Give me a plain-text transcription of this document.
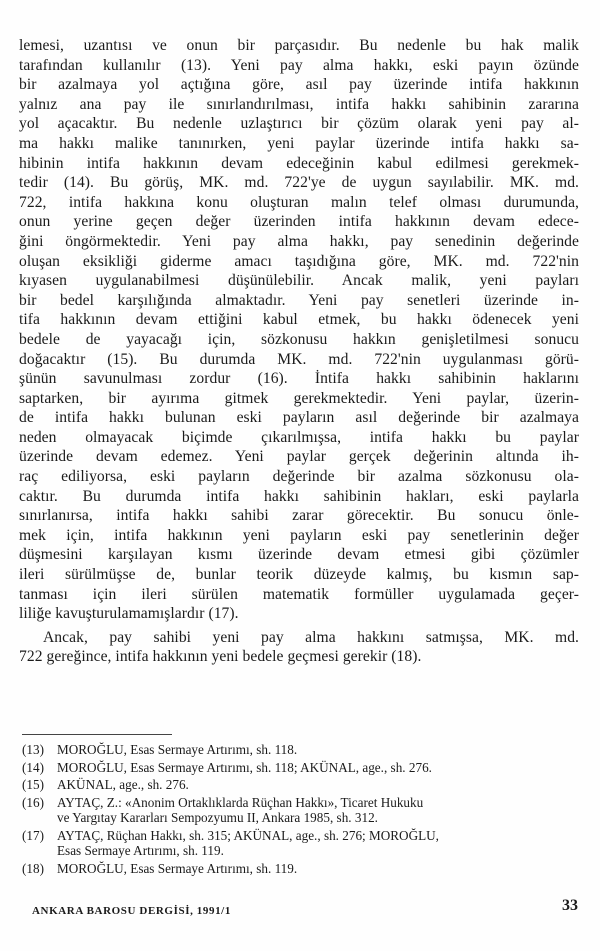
lemesi, uzantısı ve onun bir parçasıdır. Bu nedenle bu hak malik
tarafından kullanılır (13). Yeni pay alma hakkı, eski payın özünde
bir azalmaya yol açtığına göre, asıl pay üzerinde intifa hakkının
yalnız ana pay ile sınırlandırılması, intifa hakkı sahibinin zararına
yol açacaktır. Bu nedenle uzlaştırıcı bir çözüm olarak yeni pay al-
ma hakkı malike tanınırken, yeni paylar üzerinde intifa hakkı sa-
hibinin intifa hakkının devam edeceğinin kabul edilmesi gerekmek-
tedir (14). Bu görüş, MK. md. 722'ye de uygun sayılabilir. MK. md.
722, intifa hakkına konu oluşturan malın telef olması durumunda,
onun yerine geçen değer üzerinden intifa hakkının devam edece-
ğini öngörmektedir. Yeni pay alma hakkı, pay senedinin değerinde
oluşan eksikliği giderme amacı taşıdığına göre, MK. md. 722'nin
kıyasen uygulanabilmesi düşünülebilir. Ancak malik, yeni payları
bir bedel karşılığında almaktadır. Yeni pay senetleri üzerinde in-
tifa hakkının devam ettiğini kabul etmek, bu hakkı ödenecek yeni
bedele de yayacağı için, sözkonusu hakkın genişletilmesi sonucu
doğacaktır (15). Bu durumda MK. md. 722'nin uygulanması görü-
şünün savunulması zordur (16). İntifa hakkı sahibinin haklarını
saptarken, bir ayırıma gitmek gerekmektedir. Yeni paylar, üzerin-
de intifa hakkı bulunan eski payların asıl değerinde bir azalmaya
neden olmayacak biçimde çıkarılmışsa, intifa hakkı bu paylar
üzerinde devam edemez. Yeni paylar gerçek değerinin altında ih-
raç ediliyorsa, eski payların değerinde bir azalma sözkonusu ola-
caktır. Bu durumda intifa hakkı sahibinin hakları, eski paylarla
sınırlanırsa, intifa hakkı sahibi zarar görecektir. Bu sonucu önle-
mek için, intifa hakkının yeni payların eski pay senetlerinin değer
düşmesini karşılayan kısmı üzerinde devam etmesi gibi çözümler
ileri sürülmüşse de, bunlar teorik düzeyde kalmış, bu kısmın sap-
tanması için ileri sürülen matematik formüller uygulamada geçer-
liliğe kavuşturulamamışlardır (17).
Ancak, pay sahibi yeni pay alma hakkını satmışsa, MK. md.
722 gereğince, intifa hakkının yeni bedele geçmesi gerekir (18).
(13) MOROĞLU, Esas Sermaye Artırımı, sh. 118.
(14) MOROĞLU, Esas Sermaye Artırımı, sh. 118; AKÜNAL, age., sh. 276.
(15) AKÜNAL, age., sh. 276.
(16) AYTAÇ, Z.: «Anonim Ortaklıklarda Rüçhan Hakkı», Ticaret Hukuku
ve Yargıtay Kararları Sempozyumu II, Ankara 1985, sh. 312.
(17) AYTAÇ, Rüçhan Hakkı, sh. 315; AKÜNAL, age., sh. 276; MOROĞLU,
Esas Sermaye Artırımı, sh. 119.
(18) MOROĞLU, Esas Sermaye Artırımı, sh. 119.
ANKARA BAROSU DERGİSİ, 1991/1	33
